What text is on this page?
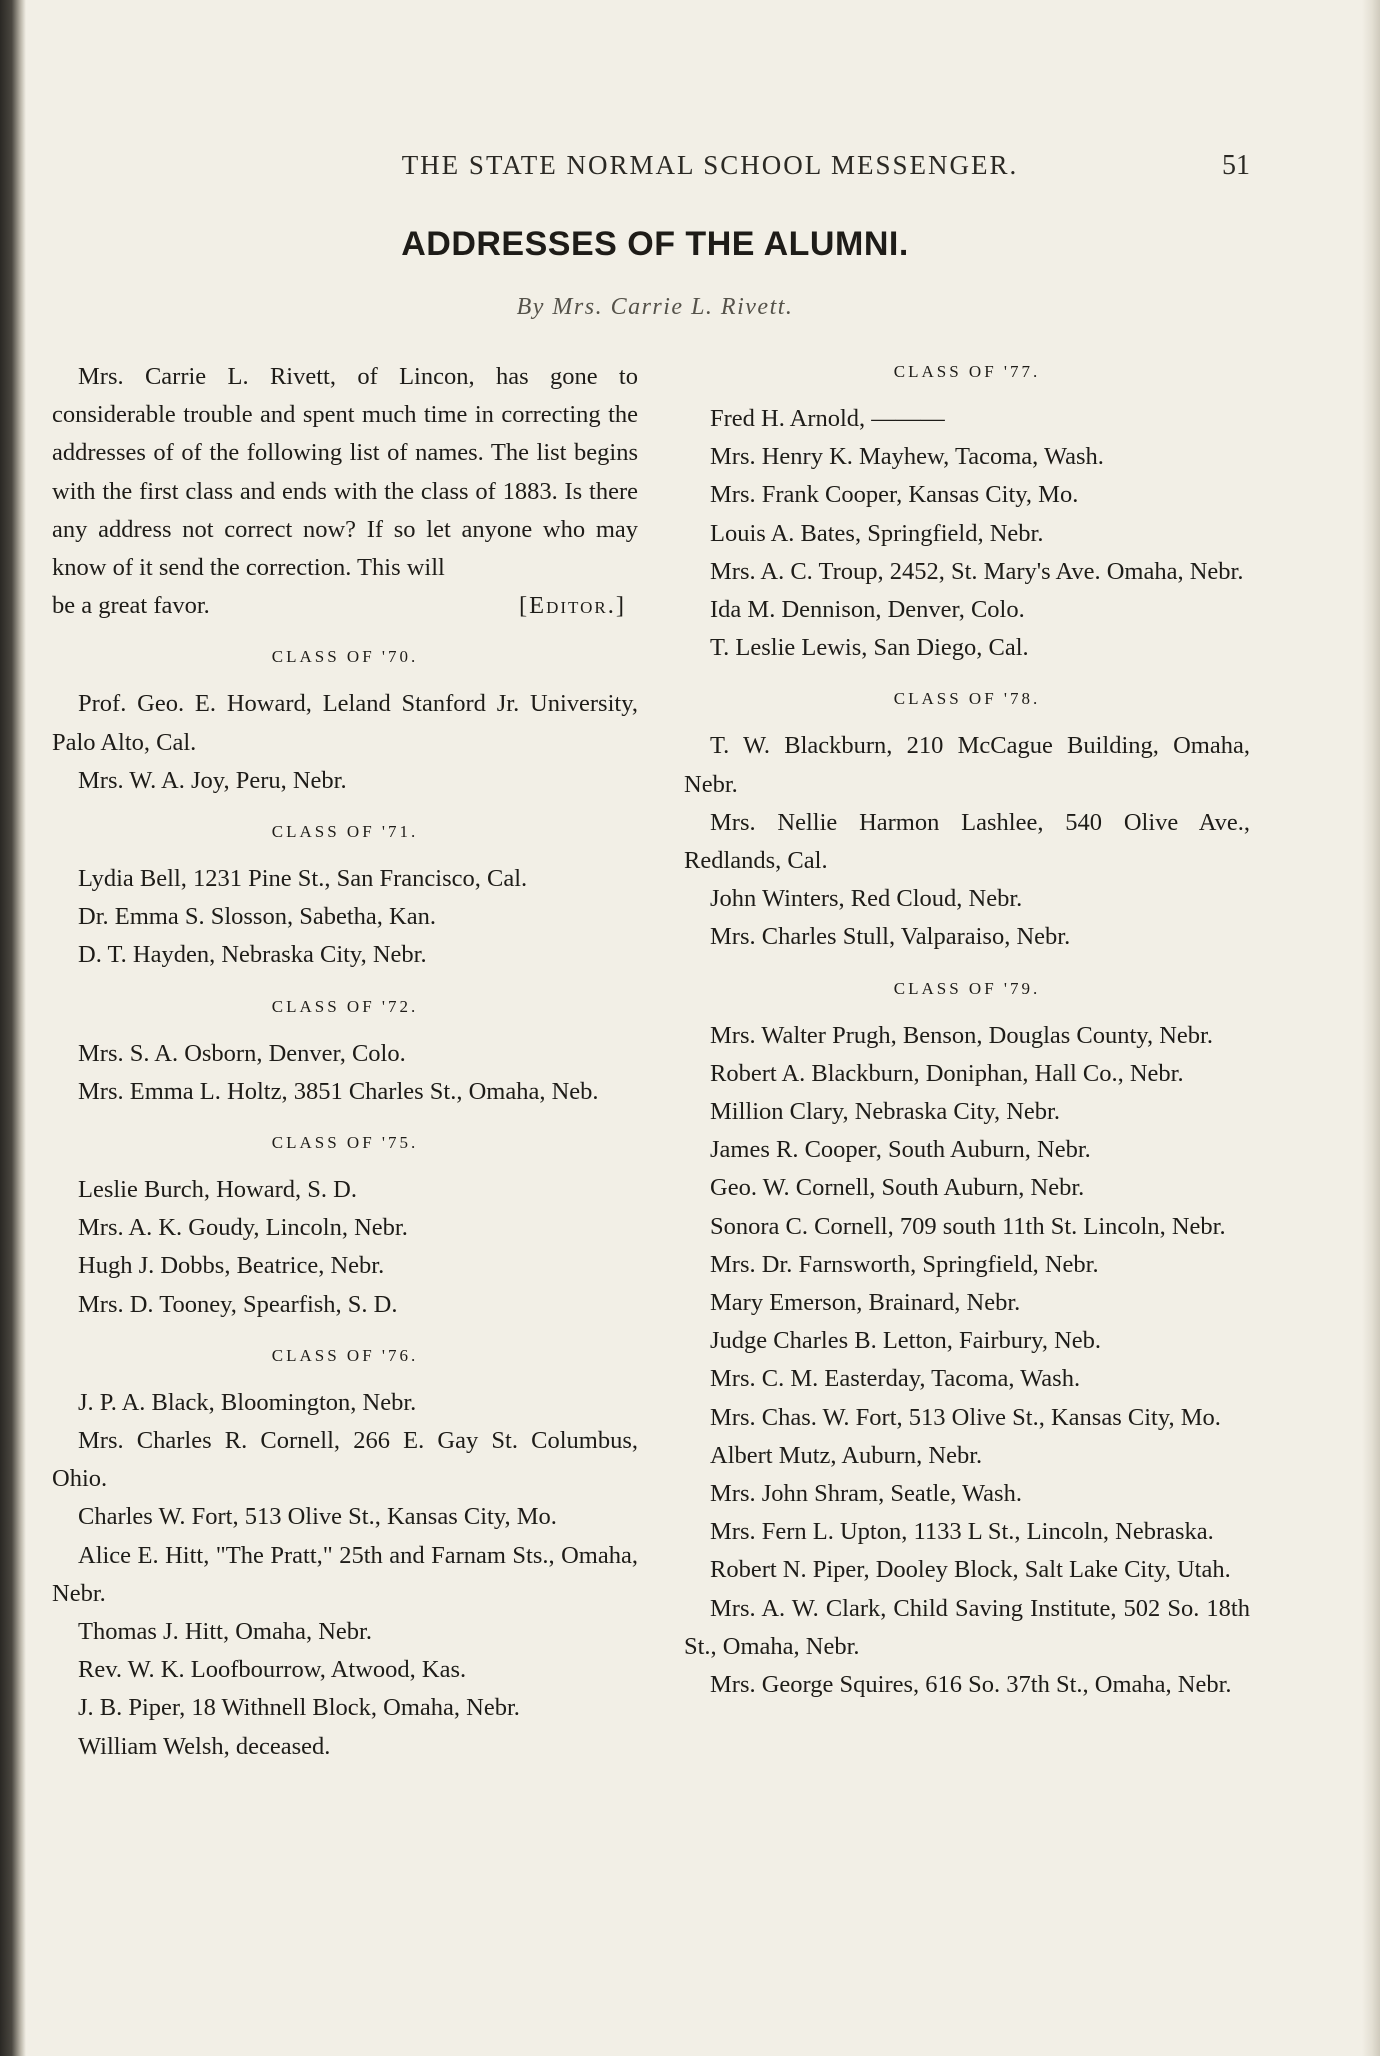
THE STATE NORMAL SCHOOL MESSENGER.	51
ADDRESSES OF THE ALUMNI.
By Mrs. Carrie L. Rivett.

Mrs. Carrie L. Rivett, of Lincon, has gone to considerable trouble and spent much time in correcting the addresses of of the following list of names. The list begins with the first class and ends with the class of 1883. Is there any address not correct now? If so let anyone who may know of it send the correction. This will

be a great favor.	[Editor.]
CLASS OF '70.
Prof. Geo. E. Howard, Leland Stanford Jr. University, Palo Alto, Cal.
Mrs. W. A. Joy, Peru, Nebr.
CLASS OF '71.
Lydia Bell, 1231 Pine St., San Francisco, Cal.
Dr. Emma S. Slosson, Sabetha, Kan.
D. T. Hayden, Nebraska City, Nebr.
CLASS OF '72.
Mrs. S. A. Osborn, Denver, Colo.
Mrs. Emma L. Holtz, 3851 Charles St., Omaha, Neb.
CLASS OF '75.
Leslie Burch, Howard, S. D.
Mrs. A. K. Goudy, Lincoln, Nebr.
Hugh J. Dobbs, Beatrice, Nebr.
Mrs. D. Tooney, Spearfish, S. D.
CLASS OF '76.
J. P. A. Black, Bloomington, Nebr.
Mrs. Charles R. Cornell, 266 E. Gay St. Columbus, Ohio.
Charles W. Fort, 513 Olive St., Kansas City, Mo.
Alice E. Hitt, "The Pratt," 25th and Farnam Sts., Omaha, Nebr.
Thomas J. Hitt, Omaha, Nebr.
Rev. W. K. Loofbourrow, Atwood, Kas.
J. B. Piper, 18 Withnell Block, Omaha, Nebr.
William Welsh, deceased.
CLASS OF '77.
Fred H. Arnold, ———
Mrs. Henry K. Mayhew, Tacoma, Wash.
Mrs. Frank Cooper, Kansas City, Mo.
Louis A. Bates, Springfield, Nebr.
Mrs. A. C. Troup, 2452, St. Mary's Ave. Omaha, Nebr.
Ida M. Dennison, Denver, Colo.
T. Leslie Lewis, San Diego, Cal.
CLASS OF '78.
T. W. Blackburn, 210 McCague Building, Omaha, Nebr.
Mrs. Nellie Harmon Lashlee, 540 Olive Ave., Redlands, Cal.
John Winters, Red Cloud, Nebr.
Mrs. Charles Stull, Valparaiso, Nebr.
CLASS OF '79.
Mrs. Walter Prugh, Benson, Douglas County, Nebr.
Robert A. Blackburn, Doniphan, Hall Co., Nebr.
Million Clary, Nebraska City, Nebr.
James R. Cooper, South Auburn, Nebr.
Geo. W. Cornell, South Auburn, Nebr.
Sonora C. Cornell, 709 south 11th St. Lincoln, Nebr.
Mrs. Dr. Farnsworth, Springfield, Nebr.
Mary Emerson, Brainard, Nebr.
Judge Charles B. Letton, Fairbury, Neb.
Mrs. C. M. Easterday, Tacoma, Wash.
Mrs. Chas. W. Fort, 513 Olive St., Kansas City, Mo.
Albert Mutz, Auburn, Nebr.
Mrs. John Shram, Seatle, Wash.
Mrs. Fern L. Upton, 1133 L St., Lincoln, Nebraska.
Robert N. Piper, Dooley Block, Salt Lake City, Utah.
Mrs. A. W. Clark, Child Saving Institute, 502 So. 18th St., Omaha, Nebr.
Mrs. George Squires, 616 So. 37th St., Omaha, Nebr.
